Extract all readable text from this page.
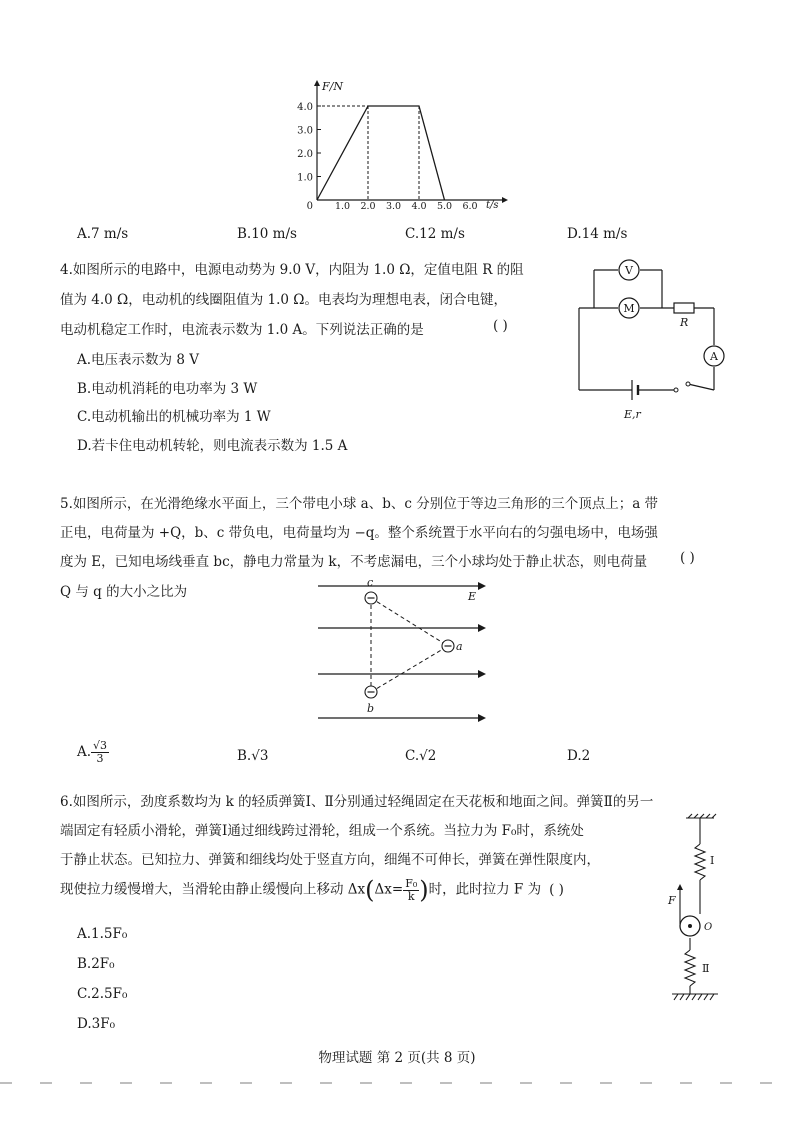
F/N
t/s
0
1.0
2.0
3.0
4.0
1.0 2.0 3.0 4.0 5.0 6.0
A.7 m/s	B.10 m/s	C.12 m/s	D.14 m/s
4.如图所示的电路中，电源电动势为 9.0 V，内阻为 1.0 Ω，定值电阻 R 的阻
值为 4.0 Ω，电动机的线圈阻值为 1.0 Ω。电表均为理想电表，闭合电键，
电动机稳定工作时，电流表示数为 1.0 A。下列说法正确的是	( )
A.电压表示数为 8 V
B.电动机消耗的电功率为 3 W
C.电动机输出的机械功率为 1 W
D.若卡住电动机转轮，则电流表示数为 1.5 A
V
M
R
A
E,r
5.如图所示，在光滑绝缘水平面上，三个带电小球 a、b、c 分别位于等边三角形的三个顶点上；a 带
正电，电荷量为 +Q，b、c 带负电，电荷量均为 −q。整个系统置于水平向右的匀强电场中，电场强
度为 E，已知电场线垂直 bc，静电力常量为 k，不考虑漏电，三个小球均处于静止状态，则电荷量
Q 与 q 的大小之比为
( )
c
a
b
E
A. $\frac{√3}{3}$	B.√3	C.√2	D.2
6.如图所示，劲度系数均为 k 的轻质弹簧Ⅰ、Ⅱ分别通过轻绳固定在天花板和地面之间。弹簧Ⅱ的另一
端固定有轻质小滑轮，弹簧Ⅰ通过细线跨过滑轮，组成一个系统。当拉力为 F₀时，系统处
于静止状态。已知拉力、弹簧和细线均处于竖直方向，细绳不可伸长，弹簧在弹性限度内，
现使拉力缓慢增大，当滑轮由静止缓慢向上移动 $\Delta x(\Delta x= \frac{\text{F₀}}{k}$ )时，此时拉力 F 为 ( )
A.1.5F₀
B.2F₀
C.2.5F₀
D.3F₀
Ⅰ
Ⅱ
F
O
物理试题 第 2 页(共 8 页)
